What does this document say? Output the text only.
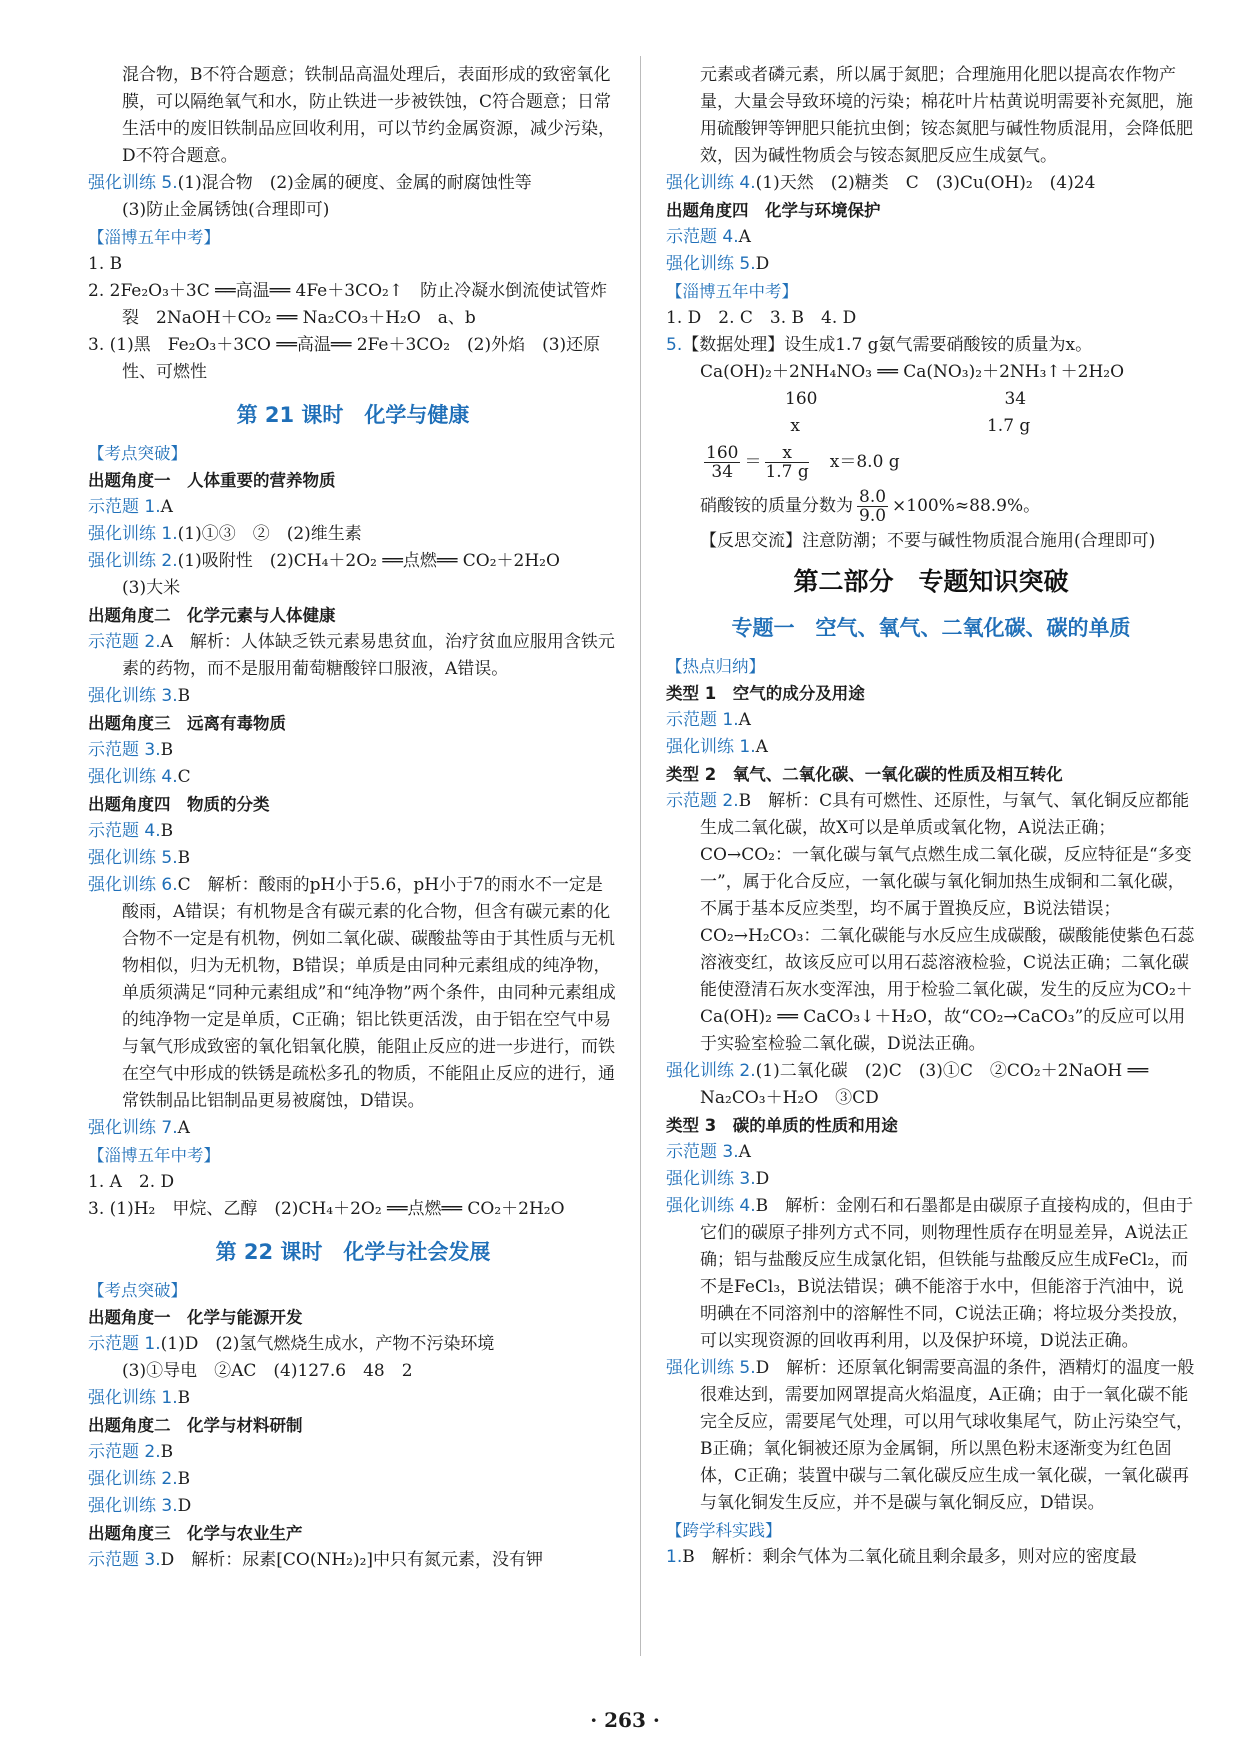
混合物，B不符合题意；铁制品高温处理后，表面形成的致密氧化膜，可以隔绝氧气和水，防止铁进一步被铁蚀，C符合题意；日常生活中的废旧铁制品应回收利用，可以节约金属资源，减少污染，D不符合题意。

强化训练 5.(1)混合物　(2)金属的硬度、金属的耐腐蚀性等

(3)防止金属锈蚀(合理即可)

【淄博五年中考】

1. B

2. 2Fe₂O₃＋3C ══高温══ 4Fe＋3CO₂↑　防止冷凝水倒流使试管炸裂　2NaOH＋CO₂ ══ Na₂CO₃＋H₂O　a、b

3. (1)黑　Fe₂O₃＋3CO ══高温══ 2Fe＋3CO₂　(2)外焰　(3)还原性、可燃性

第 21 课时　化学与健康

【考点突破】

出题角度一　人体重要的营养物质

示范题 1.A

强化训练 1.(1)①③　②　(2)维生素

强化训练 2.(1)吸附性　(2)CH₄＋2O₂ ══点燃══ CO₂＋2H₂O

(3)大米

出题角度二　化学元素与人体健康

示范题 2.A　解析：人体缺乏铁元素易患贫血，治疗贫血应服用含铁元素的药物，而不是服用葡萄糖酸锌口服液，A错误。

强化训练 3.B

出题角度三　远离有毒物质

示范题 3.B

强化训练 4.C

出题角度四　物质的分类

示范题 4.B

强化训练 5.B

强化训练 6.C　解析：酸雨的pH小于5.6，pH小于7的雨水不一定是酸雨，A错误；有机物是含有碳元素的化合物，但含有碳元素的化合物不一定是有机物，例如二氧化碳、碳酸盐等由于其性质与无机物相似，归为无机物，B错误；单质是由同种元素组成的纯净物，单质须满足“同种元素组成”和“纯净物”两个条件，由同种元素组成的纯净物一定是单质，C正确；铝比铁更活泼，由于铝在空气中易与氧气形成致密的氧化铝氧化膜，能阻止反应的进一步进行，而铁在空气中形成的铁锈是疏松多孔的物质，不能阻止反应的进行，通常铁制品比铝制品更易被腐蚀，D错误。

强化训练 7.A

【淄博五年中考】

1. A　2. D

3. (1)H₂　甲烷、乙醇　(2)CH₄＋2O₂ ══点燃══ CO₂＋2H₂O

第 22 课时　化学与社会发展

【考点突破】

出题角度一　化学与能源开发

示范题 1.(1)D　(2)氢气燃烧生成水，产物不污染环境

(3)①导电　②AC　(4)127.6　48　2

强化训练 1.B

出题角度二　化学与材料研制

示范题 2.B

强化训练 2.B

强化训练 3.D

出题角度三　化学与农业生产

示范题 3.D　解析：尿素[CO(NH₂)₂]中只有氮元素，没有钾

元素或者磷元素，所以属于氮肥；合理施用化肥以提高农作物产量，大量会导致环境的污染；棉花叶片枯黄说明需要补充氮肥，施用硫酸钾等钾肥只能抗虫倒；铵态氮肥与碱性物质混用，会降低肥效，因为碱性物质会与铵态氮肥反应生成氨气。

强化训练 4.(1)天然　(2)糖类　C　(3)Cu(OH)₂　(4)24

出题角度四　化学与环境保护

示范题 4.A

强化训练 5.D

【淄博五年中考】

1. D　2. C　3. B　4. D

5.【数据处理】设生成1.7 g氨气需要硝酸铵的质量为x。

Ca(OH)₂＋2NH₄NO₃ ══ Ca(NO₃)₂＋2NH₃↑＋2H₂O

　　　　　160　　　　　　　　　　　34

　　　　　 x　　　　　　　　　　　1.7 g

$\frac{160}{34} = \frac{x}{1.7 g}$ 　x＝8.0 g

硝酸铵的质量分数为 $\frac{8.0}{9.0} \times 100\%\approx 88.9\%$。

【反思交流】注意防潮；不要与碱性物质混合施用(合理即可)

第二部分　专题知识突破
专题一　空气、氧气、二氧化碳、碳的单质

【热点归纳】

类型 1　空气的成分及用途

示范题 1.A

强化训练 1.A

类型 2　氧气、二氧化碳、一氧化碳的性质及相互转化

示范题 2.B　解析：C具有可燃性、还原性，与氧气、氧化铜反应都能生成二氧化碳，故X可以是单质或氧化物，A说法正确；CO→CO₂：一氧化碳与氧气点燃生成二氧化碳，反应特征是“多变一”，属于化合反应，一氧化碳与氧化铜加热生成铜和二氧化碳，不属于基本反应类型，均不属于置换反应，B说法错误；CO₂→H₂CO₃：二氧化碳能与水反应生成碳酸，碳酸能使紫色石蕊溶液变红，故该反应可以用石蕊溶液检验，C说法正确；二氧化碳能使澄清石灰水变浑浊，用于检验二氧化碳，发生的反应为CO₂＋Ca(OH)₂ ══ CaCO₃↓＋H₂O，故“CO₂→CaCO₃”的反应可以用于实验室检验二氧化碳，D说法正确。

强化训练 2.(1)二氧化碳　(2)C　(3)①C　②CO₂＋2NaOH ══ Na₂CO₃＋H₂O　③CD

类型 3　碳的单质的性质和用途

示范题 3.A

强化训练 3.D

强化训练 4.B　解析：金刚石和石墨都是由碳原子直接构成的，但由于它们的碳原子排列方式不同，则物理性质存在明显差异，A说法正确；铝与盐酸反应生成氯化铝，但铁能与盐酸反应生成FeCl₂，而不是FeCl₃，B说法错误；碘不能溶于水中，但能溶于汽油中，说明碘在不同溶剂中的溶解性不同，C说法正确；将垃圾分类投放，可以实现资源的回收再利用，以及保护环境，D说法正确。

强化训练 5.D　解析：还原氧化铜需要高温的条件，酒精灯的温度一般很难达到，需要加网罩提高火焰温度，A正确；由于一氧化碳不能完全反应，需要尾气处理，可以用气球收集尾气，防止污染空气，B正确；氧化铜被还原为金属铜，所以黑色粉末逐渐变为红色固体，C正确；装置中碳与二氧化碳反应生成一氧化碳，一氧化碳再与氧化铜发生反应，并不是碳与氧化铜反应，D错误。

【跨学科实践】

1.B　解析：剩余气体为二氧化硫且剩余最多，则对应的密度最

· 263 ·
